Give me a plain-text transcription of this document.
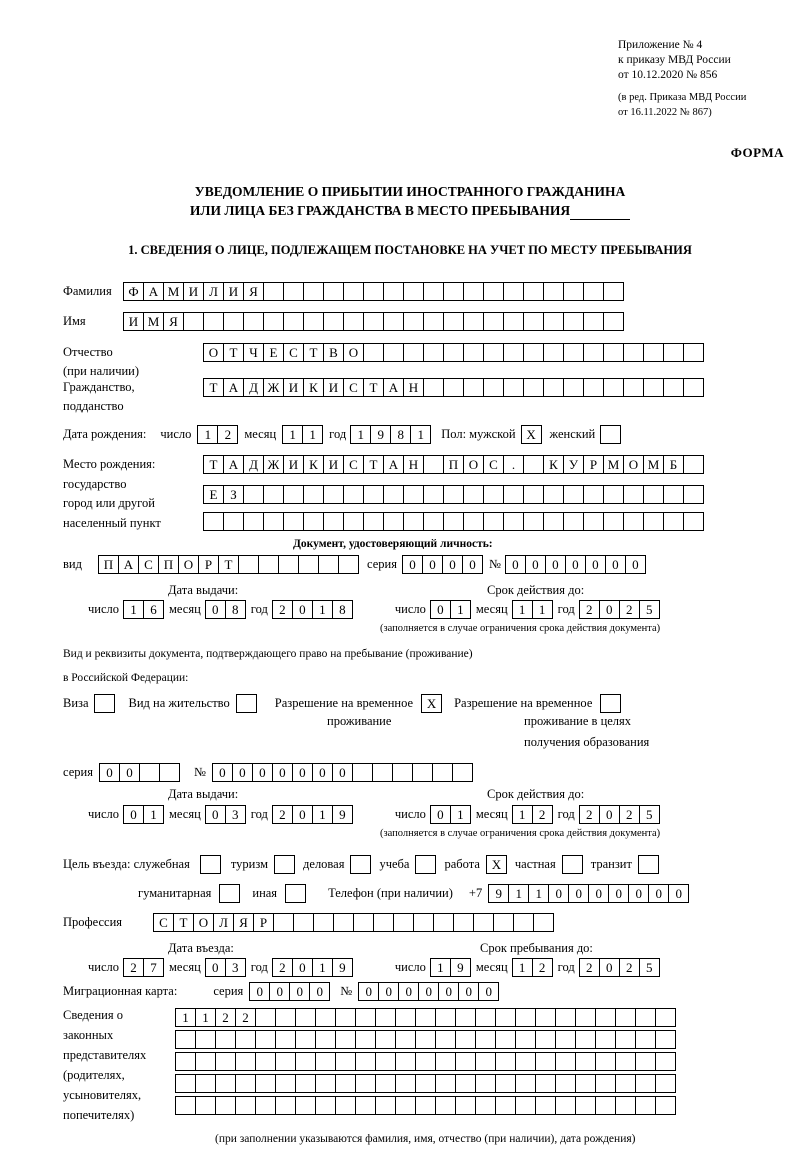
Приложение № 4
к приказу МВД России
от 10.12.2020 № 856
(в ред. Приказа МВД России
от 16.11.2022 № 867)
ФОРМА
УВЕДОМЛЕНИЕ О ПРИБЫТИИ ИНОСТРАННОГО ГРАЖДАНИНА
ИЛИ ЛИЦА БЕЗ ГРАЖДАНСТВА В МЕСТО ПРЕБЫВАНИЯ
1. СВЕДЕНИЯ О ЛИЦЕ, ПОДЛЕЖАЩЕМ ПОСТАНОВКЕ НА УЧЕТ ПО МЕСТУ ПРЕБЫВАНИЯ
Фамилия	Ф А М И Л И Я
Имя	И М Я
Отчество	О Т Ч Е С Т В О
(при наличии)
Гражданство,	Т А Д Ж И К И С Т А Н
подданство
Дата рождения: число	1	2	месяц	1	1	год 1	9	8	1	Пол: мужской Х	женский
Место рождения:	Т А Д Ж И К И С Т А Н	П О С	.	К У Р М О М Б
государство
Е З
город или другой
населенный пункт
Документ, удостоверяющий личность:
вид	П А С П О Р Т	серия 0	0	0	0	№ 0	0	0	0	0	0	0
Дата выдачи:	Срок действия до:
число 1	6 месяц 0	8 год 2	0	1	8	число 0	1 месяц 1	1 год 2	0	2	5
(заполняется в случае ограничения срока действия документа)
Вид и реквизиты документа, подтверждающего право на пребывание (проживание)
в Российской Федерации:
Виза	Вид на жительство	Разрешение на временное	Х	Разрешение на временное
проживание	проживание в целях
получения образования
серия	0	0	№	0	0	0	0	0	0	0
Дата выдачи:	Срок действия до:
число 0	1 месяц 0	3 год 2	0	1	9	число 0	1 месяц 1	2 год 2	0	2	5
(заполняется в случае ограничения срока действия документа)
Цель въезда: служебная	туризм	деловая	учеба	работа Х	частная	транзит
гуманитарная	иная	Телефон (при наличии) +7	9	1	1	0	0	0	0	0	0	0
Профессия	С Т О Л Я Р
Дата въезда:	Срок пребывания до:
число 2	7 месяц 0	3 год 2	0	1	9	число 1	9 месяц 1	2 год 2	0	2	5
Миграционная карта:	серия	0	0	0	0	№	0	0	0	0	0	0	0
Сведения о
законных
представителях
(родителях,
усыновителях,
попечителях)
1	1	2	2
(при заполнении указываются фамилия, имя, отчество (при наличии), дата рождения)
